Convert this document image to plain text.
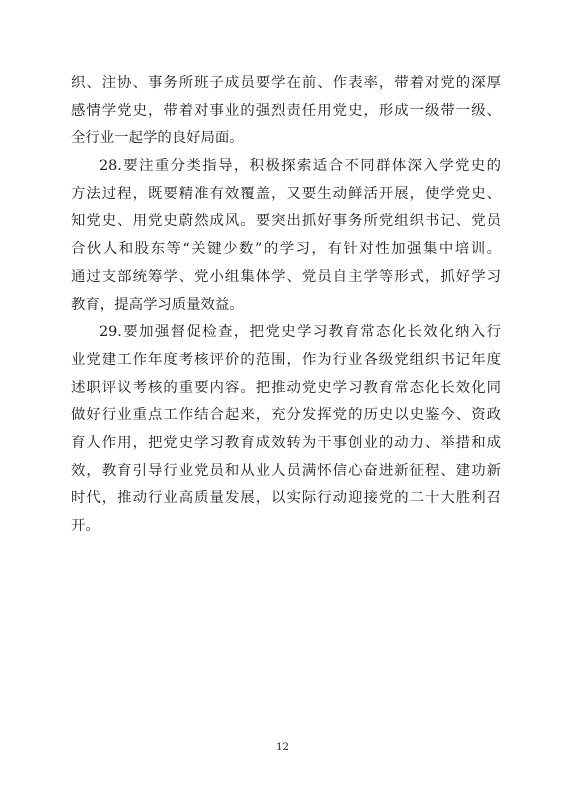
织、注协、事务所班子成员要学在前、作表率，带着对党的深厚
感情学党史，带着对事业的强烈责任用党史，形成一级带一级、
全行业一起学的良好局面。
28.要注重分类指导，积极探索适合不同群体深入学党史的
方法过程，既要精准有效覆盖，又要生动鲜活开展，使学党史、
知党史、用党史蔚然成风。要突出抓好事务所党组织书记、党员
合伙人和股东等“关键少数”的学习，有针对性加强集中培训。
通过支部统筹学、党小组集体学、党员自主学等形式，抓好学习
教育，提高学习质量效益。
29.要加强督促检查，把党史学习教育常态化长效化纳入行
业党建工作年度考核评价的范围，作为行业各级党组织书记年度
述职评议考核的重要内容。把推动党史学习教育常态化长效化同
做好行业重点工作结合起来，充分发挥党的历史以史鉴今、资政
育人作用，把党史学习教育成效转为干事创业的动力、举措和成
效，教育引导行业党员和从业人员满怀信心奋进新征程、建功新
时代，推动行业高质量发展，以实际行动迎接党的二十大胜利召
开。
12
